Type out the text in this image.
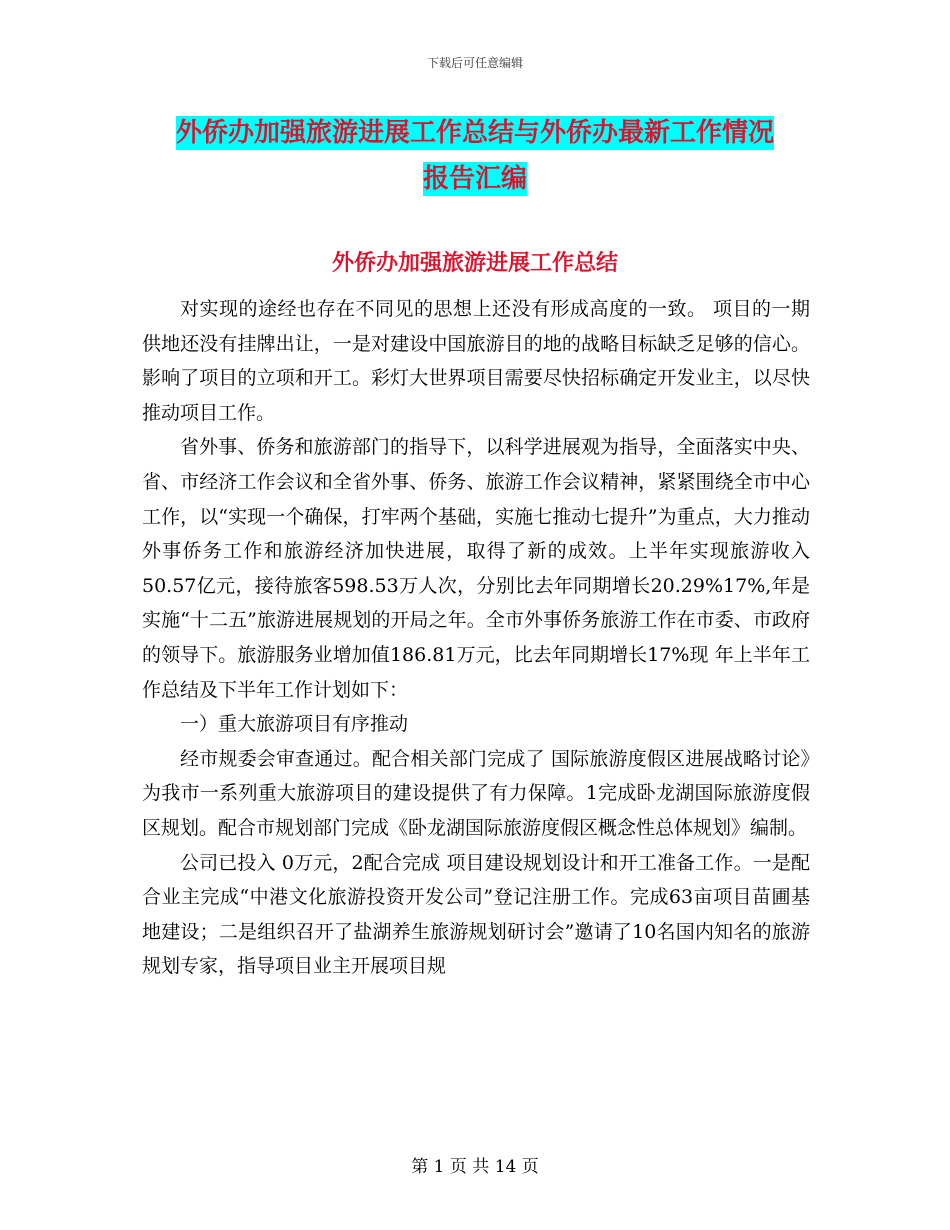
下载后可任意编辑
外侨办加强旅游进展工作总结与外侨办最新工作情况
报告汇编
外侨办加强旅游进展工作总结

对实现的途经也存在不同见的思想上还没有形成高度的一致。 项目的一期供地还没有挂牌出让，一是对建设中国旅游目的地的战略目标缺乏足够的信心。影响了项目的立项和开工。彩灯大世界项目需要尽快招标确定开发业主，以尽快推动项目工作。

省外事、侨务和旅游部门的指导下，以科学进展观为指导，全面落实中央、省、市经济工作会议和全省外事、侨务、旅游工作会议精神，紧紧围绕全市中心工作，以“实现一个确保，打牢两个基础，实施七推动七提升”为重点，大力推动外事侨务工作和旅游经济加快进展，取得了新的成效。上半年实现旅游收入50.57亿元，接待旅客598.53万人次，分别比去年同期增长20.29%17%,年是实施“十二五”旅游进展规划的开局之年。全市外事侨务旅游工作在市委、市政府的领导下。旅游服务业增加值186.81万元，比去年同期增长17%现 年上半年工作总结及下半年工作计划如下：

一）重大旅游项目有序推动

经市规委会审查通过。配合相关部门完成了 国际旅游度假区进展战略讨论》为我市一系列重大旅游项目的建设提供了有力保障。1完成卧龙湖国际旅游度假区规划。配合市规划部门完成《卧龙湖国际旅游度假区概念性总体规划》编制。

公司已投入 0万元，2配合完成 项目建设规划设计和开工准备工作。一是配合业主完成“中港文化旅游投资开发公司”登记注册工作。完成63亩项目苗圃基地建设；二是组织召开了盐湖养生旅游规划研讨会”邀请了10名国内知名的旅游规划专家，指导项目业主开展项目规

第 1 页 共 14 页
